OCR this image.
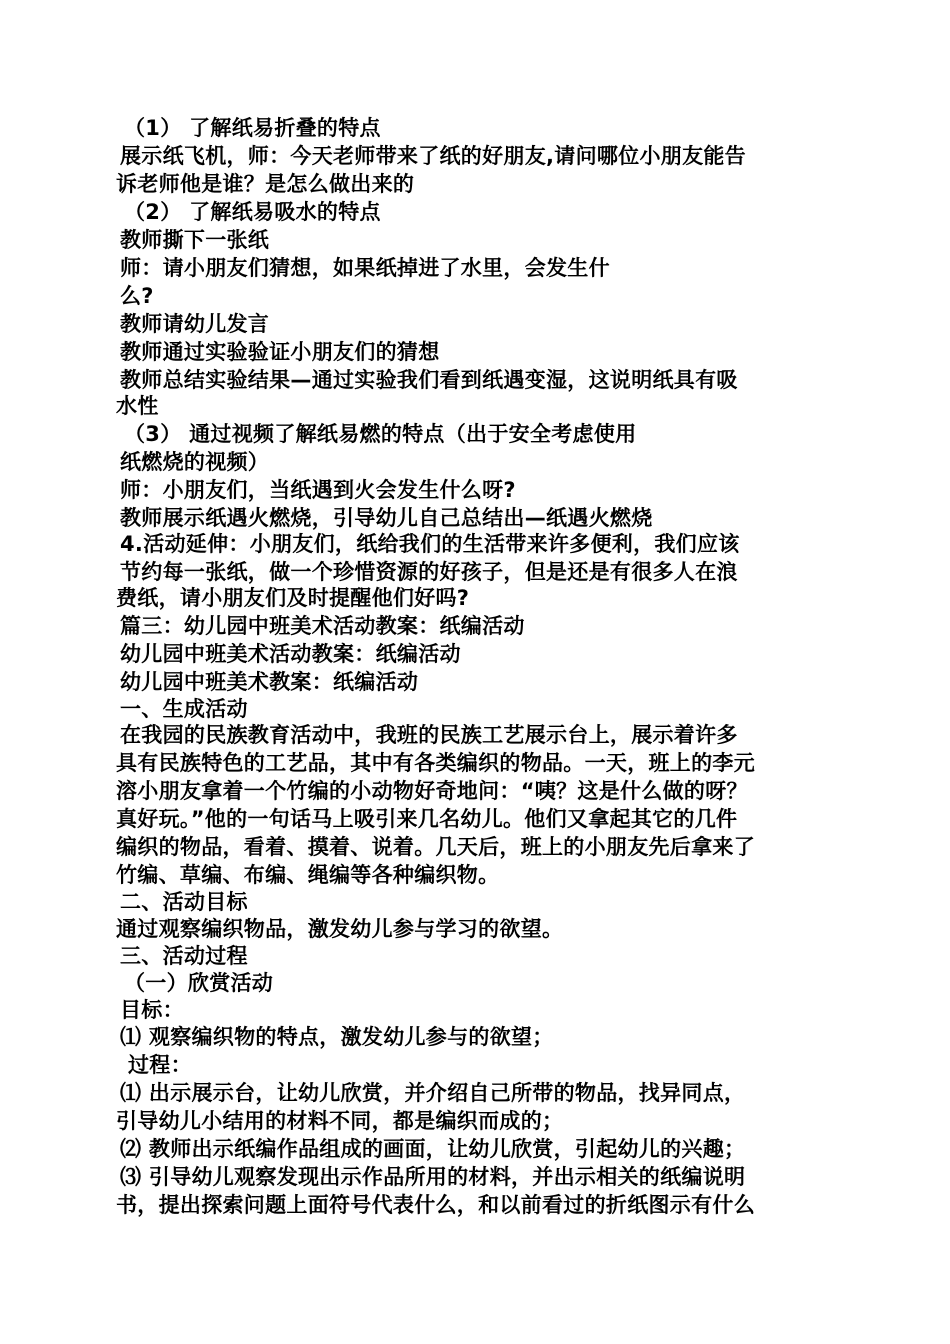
（1） 了解纸易折叠的特点

展示纸飞机，师：今天老师带来了纸的好朋友,请问哪位小朋友能告

诉老师他是谁？是怎么做出来的

（2） 了解纸易吸水的特点

教师撕下一张纸

师：请小朋友们猜想，如果纸掉进了水里，会发生什

么?

教师请幼儿发言

教师通过实验验证小朋友们的猜想

教师总结实验结果—通过实验我们看到纸遇变湿，这说明纸具有吸

水性

（3） 通过视频了解纸易燃的特点（出于安全考虑使用

纸燃烧的视频）

师：小朋友们，当纸遇到火会发生什么呀?

教师展示纸遇火燃烧，引导幼儿自己总结出—纸遇火燃烧

4.活动延伸：小朋友们，纸给我们的生活带来许多便利，我们应该

节约每一张纸，做一个珍惜资源的好孩子，但是还是有很多人在浪

费纸，请小朋友们及时提醒他们好吗?

篇三：幼儿园中班美术活动教案：纸编活动

幼儿园中班美术活动教案：纸编活动

幼儿园中班美术教案：纸编活动

一、生成活动

在我园的民族教育活动中，我班的民族工艺展示台上，展示着许多

具有民族特色的工艺品，其中有各类编织的物品。一天，班上的李元

溶小朋友拿着一个竹编的小动物好奇地问：“咦？这是什么做的呀？

真好玩。”他的一句话马上吸引来几名幼儿。他们又拿起其它的几件

编织的物品，看着、摸着、说着。几天后，班上的小朋友先后拿来了

竹编、草编、布编、绳编等各种编织物。

二、活动目标

通过观察编织物品，激发幼儿参与学习的欲望。

三、活动过程

（一）欣赏活动

目标：

⑴ 观察编织物的特点，激发幼儿参与的欲望；

过程：

⑴ 出示展示台，让幼儿欣赏，并介绍自己所带的物品，找异同点，

引导幼儿小结用的材料不同，都是编织而成的；

⑵ 教师出示纸编作品组成的画面，让幼儿欣赏，引起幼儿的兴趣；

⑶ 引导幼儿观察发现出示作品所用的材料，并出示相关的纸编说明

书，提出探索问题上面符号代表什么，和以前看过的折纸图示有什么
